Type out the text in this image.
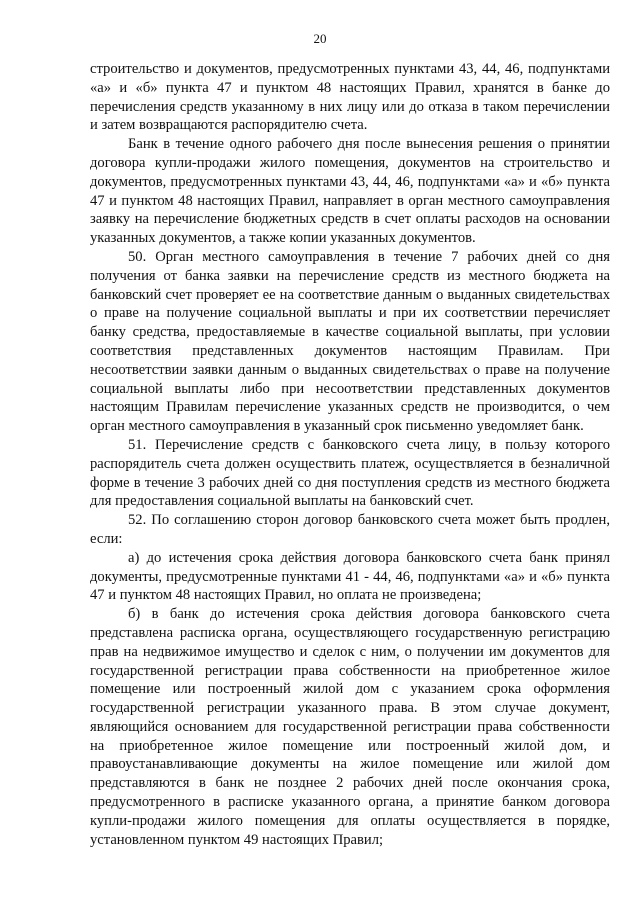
20

строительство и документов, предусмотренных пунктами 43, 44, 46, подпунктами «а» и «б» пункта 47 и пунктом 48 настоящих Правил, хранятся в банке до перечисления средств указанному в них лицу или до отказа в таком перечислении и затем возвращаются распорядителю счета.

Банк в течение одного рабочего дня после вынесения решения о принятии договора купли-продажи жилого помещения, документов на строительство и документов, предусмотренных пунктами 43, 44, 46, подпунктами «а» и «б» пункта 47 и пунктом 48 настоящих Правил, направляет в орган местного самоуправления заявку на перечисление бюджетных средств в счет оплаты расходов на основании указанных документов, а также копии указанных документов.

50. Орган местного самоуправления в течение 7 рабочих дней со дня получения от банка заявки на перечисление средств из местного бюджета на банковский счет проверяет ее на соответствие данным о выданных свидетельствах о праве на получение социальной выплаты и при их соответствии перечисляет банку средства, предоставляемые в качестве социальной выплаты, при условии соответствия представленных документов настоящим Правилам. При несоответствии заявки данным о выданных свидетельствах о праве на получение социальной выплаты либо при несоответствии представленных документов настоящим Правилам перечисление указанных средств не производится, о чем орган местного самоуправления в указанный срок письменно уведомляет банк.

51. Перечисление средств с банковского счета лицу, в пользу которого распорядитель счета должен осуществить платеж, осуществляется в безналичной форме в течение 3 рабочих дней со дня поступления средств из местного бюджета для предоставления социальной выплаты на банковский счет.

52. По соглашению сторон договор банковского счета может быть продлен, если:

а) до истечения срока действия договора банковского счета банк принял документы, предусмотренные пунктами 41 - 44, 46, подпунктами «а» и «б» пункта 47 и пунктом 48 настоящих Правил, но оплата не произведена;

б) в банк до истечения срока действия договора банковского счета представлена расписка органа, осуществляющего государственную регистрацию прав на недвижимое имущество и сделок с ним, о получении им документов для государственной регистрации права собственности на приобретенное жилое помещение или построенный жилой дом с указанием срока оформления государственной регистрации указанного права. В этом случае документ, являющийся основанием для государственной регистрации права собственности на приобретенное жилое помещение или построенный жилой дом, и правоустанавливающие документы на жилое помещение или жилой дом представляются в банк не позднее 2 рабочих дней после окончания срока, предусмотренного в расписке указанного органа, а принятие банком договора купли-продажи жилого помещения для оплаты осуществляется в порядке, установленном пунктом 49 настоящих Правил;
